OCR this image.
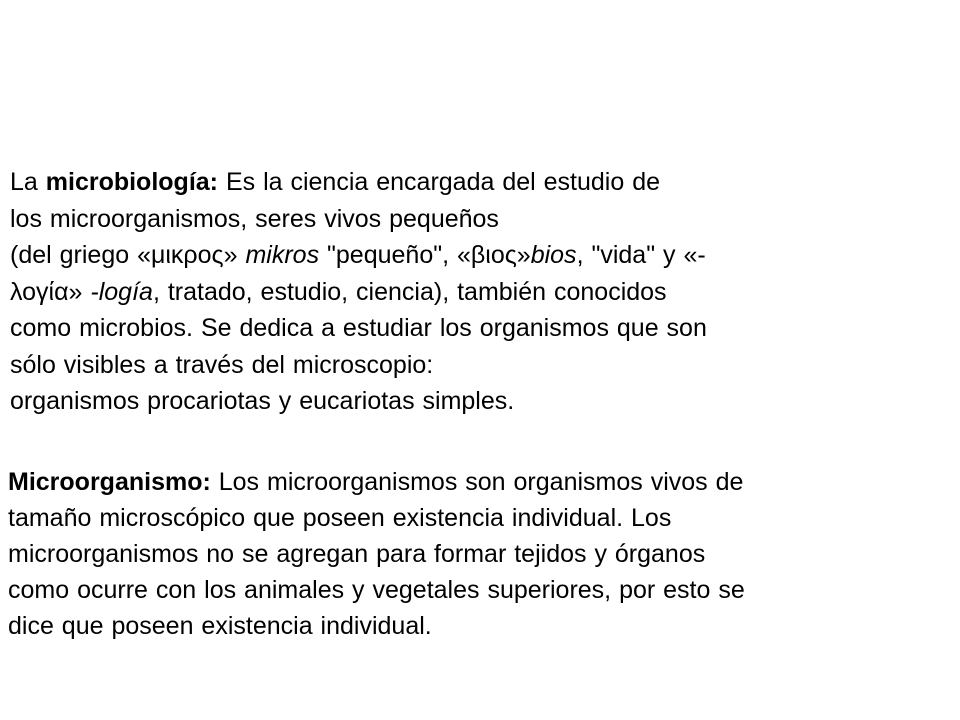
La microbiología: Es la ciencia encargada del estudio de
los microorganismos, seres vivos pequeños
(del griego «μικρος» mikros "pequeño", «βιος»bios, "vida" y «-
λογία» -logía, tratado, estudio, ciencia), también conocidos
como microbios. Se dedica a estudiar los organismos que son
sólo visibles a través del microscopio:
organismos procariotas y eucariotas simples.
Microorganismo: Los microorganismos son organismos vivos de
tamaño microscópico que poseen existencia individual. Los
microorganismos no se agregan para formar tejidos y órganos
como ocurre con los animales y vegetales superiores, por esto se
dice que poseen existencia individual.
